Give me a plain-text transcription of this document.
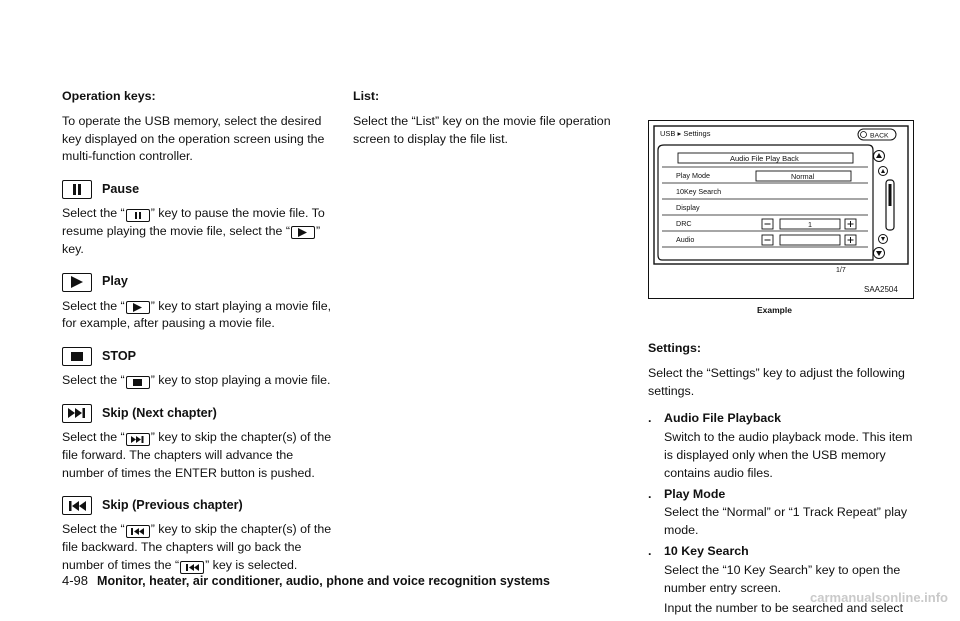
Operation keys:

To operate the USB memory, select the desired key displayed on the operation screen using the multi-function controller.

Pause

Select the “ ” key to pause the movie file. To resume playing the movie file, select the “ ” key.

Play

Select the “ ” key to start playing a movie file, for example, after pausing a movie file.

STOP

Select the “ ” key to stop playing a movie file.

Skip (Next chapter)

Select the “ ” key to skip the chapter(s) of the file forward. The chapters will advance the number of times the ENTER button is pushed.

Skip (Previous chapter)

Select the “ ” key to skip the chapter(s) of the file backward. The chapters will go back the number of times the “ ” key is selected.

List:

Select the “List” key on the movie file operation screen to display the file list.	USB ▸ Settings	BACK
Audio File Play Back
Play Mode	Normal
10Key Search
Display
DRC	1
Audio
1/7
SAA2504
Example
Settings:

Select the “Settings” key to adjust the following settings.

.	Audio File Playback
Switch to the audio playback mode. This item is displayed only when the USB memory contains audio files.
.	Play Mode
Select the “Normal” or “1 Track Repeat” play mode.
.	10 Key Search
Select the “10 Key Search” key to open the number entry screen.
Input the number to be searched and select
4-98 Monitor, heater, air conditioner, audio, phone and voice recognition systems
carmanualsonline.info
